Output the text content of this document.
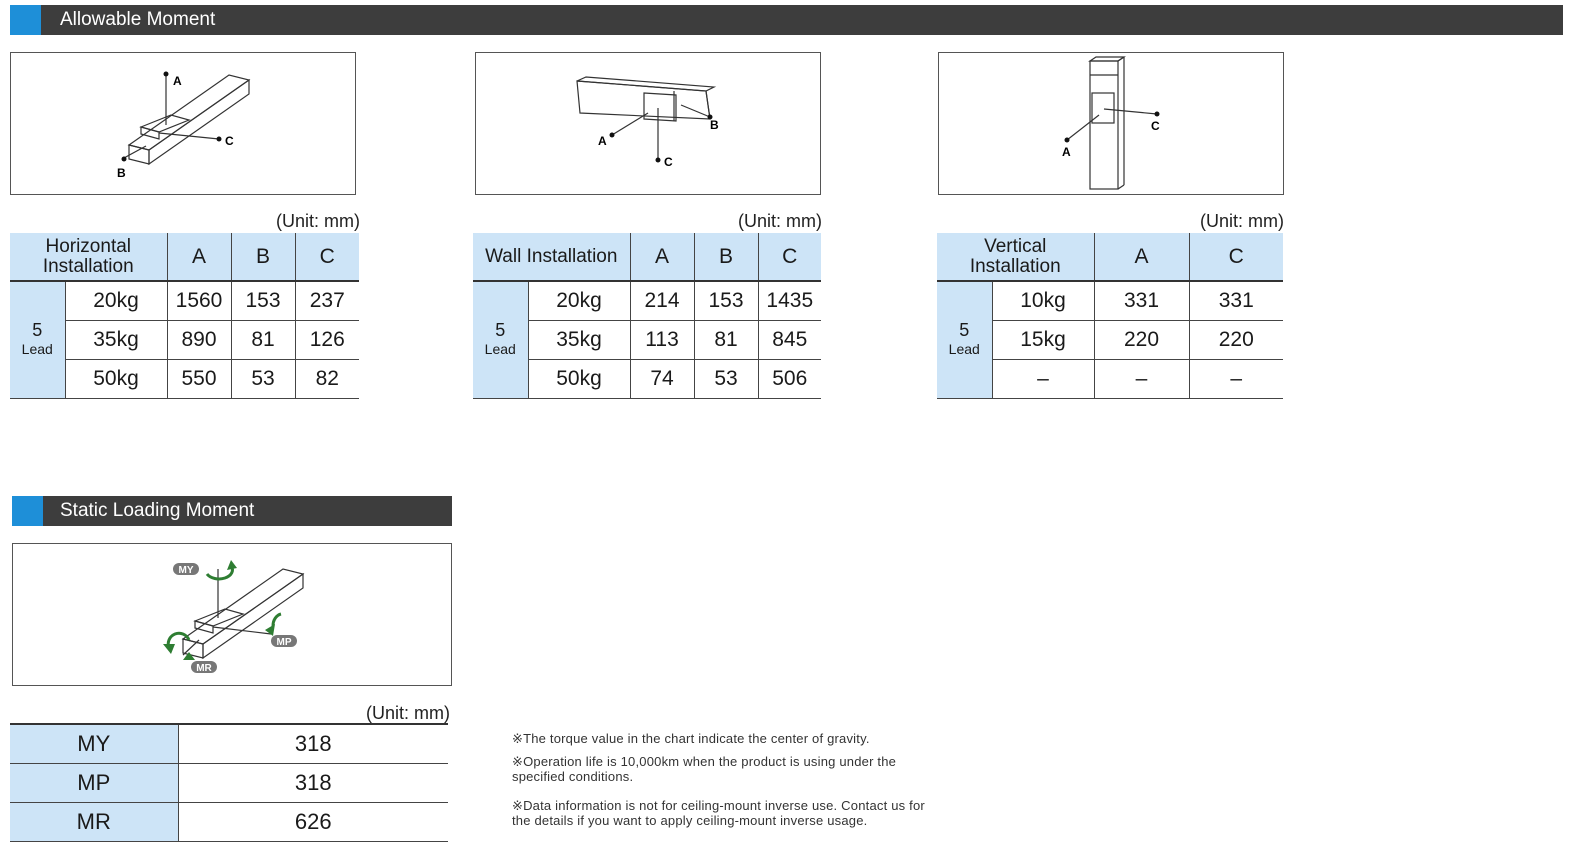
Allowable Moment
A
C
B
A
C
B
A
C
(Unit: mm)	(Unit: mm)	(Unit: mm)
Horizontal Installation		A	B	C
5
Lead	20kg	1560	153	237
	35kg	890	81	126
	50kg	550	53	82
Wall Installation		A	B	C
5
Lead	20kg	214	153	1435
	35kg	113	81	845
	50kg	74	53	506
Vertical Installation		A	C
5
Lead	10kg	331	331
	15kg	220	220
	–	–	–
Static Loading Moment
MY
MP
MR
(Unit: mm)
MY	318
MP	318
MR	626

※The torque value in the chart indicate the center of gravity.

※Operation life is 10,000km when the product is using under the specified conditions.

※Data information is not for ceiling-mount inverse use. Contact us for the details if you want to apply ceiling-mount inverse usage.
